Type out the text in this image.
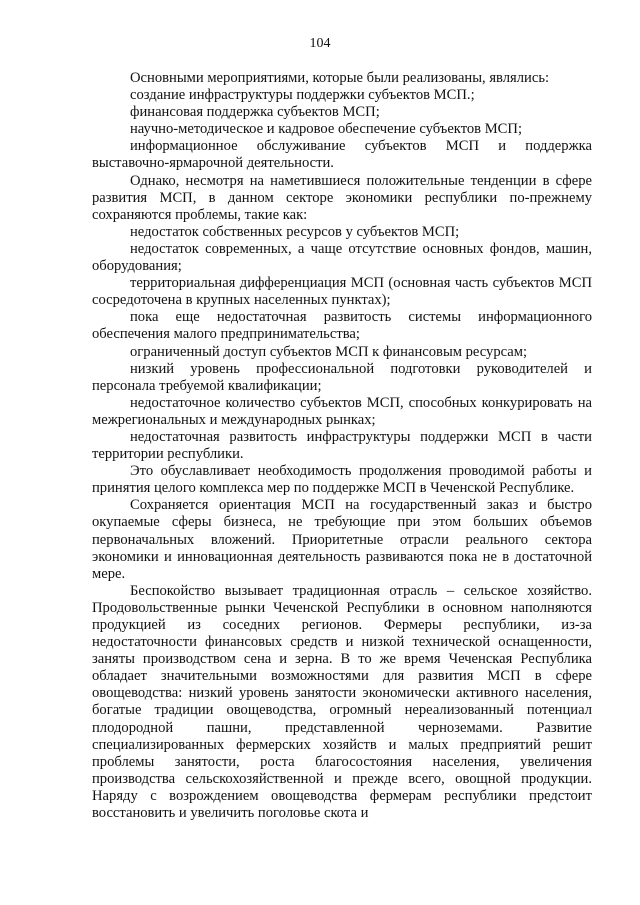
104

Основными мероприятиями, которые были реализованы, являлись:

создание инфраструктуры поддержки субъектов МСП.;

финансовая поддержка субъектов МСП;

научно-методическое и кадровое обеспечение субъектов МСП;

информационное обслуживание субъектов МСП и поддержка выставочно-ярмарочной деятельности.

Однако, несмотря на наметившиеся положительные тенденции в сфере развития МСП, в данном секторе экономики республики по-прежнему сохраняются проблемы, такие как:

недостаток собственных ресурсов у субъектов МСП;

недостаток современных, а чаще отсутствие основных фондов, машин, оборудования;

территориальная дифференциация МСП (основная часть субъектов МСП сосредоточена в крупных населенных пунктах);

пока еще недостаточная развитость системы информационного обеспечения малого предпринимательства;

ограниченный доступ субъектов МСП к финансовым ресурсам;

низкий уровень профессиональной подготовки руководителей и персонала требуемой квалификации;

недостаточное количество субъектов МСП, способных конкурировать на межрегиональных и международных рынках;

недостаточная развитость инфраструктуры поддержки МСП в части территории республики.

Это обуславливает необходимость продолжения проводимой работы и принятия целого комплекса мер по поддержке МСП в Чеченской Республике.

Сохраняется ориентация МСП на государственный заказ и быстро окупаемые сферы бизнеса, не требующие при этом больших объемов первоначальных вложений. Приоритетные отрасли реального сектора экономики и инновационная деятельность развиваются пока не в достаточной мере.

Беспокойство вызывает традиционная отрасль – сельское хозяйство. Продовольственные рынки Чеченской Республики в основном наполняются продукцией из соседних регионов. Фермеры республики, из-за недостаточности финансовых средств и низкой технической оснащенности, заняты производством сена и зерна. В то же время Чеченская Республика обладает значительными возможностями для развития МСП в сфере овощеводства: низкий уровень занятости экономически активного населения, богатые традиции овощеводства, огромный нереализованный потенциал плодородной пашни, представленной черноземами. Развитие специализированных фермерских хозяйств и малых предприятий решит проблемы занятости, роста благосостояния населения, увеличения производства сельскохозяйственной и прежде всего, овощной продукции. Наряду с возрождением овощеводства фермерам республики предстоит восстановить и увеличить поголовье скота и
